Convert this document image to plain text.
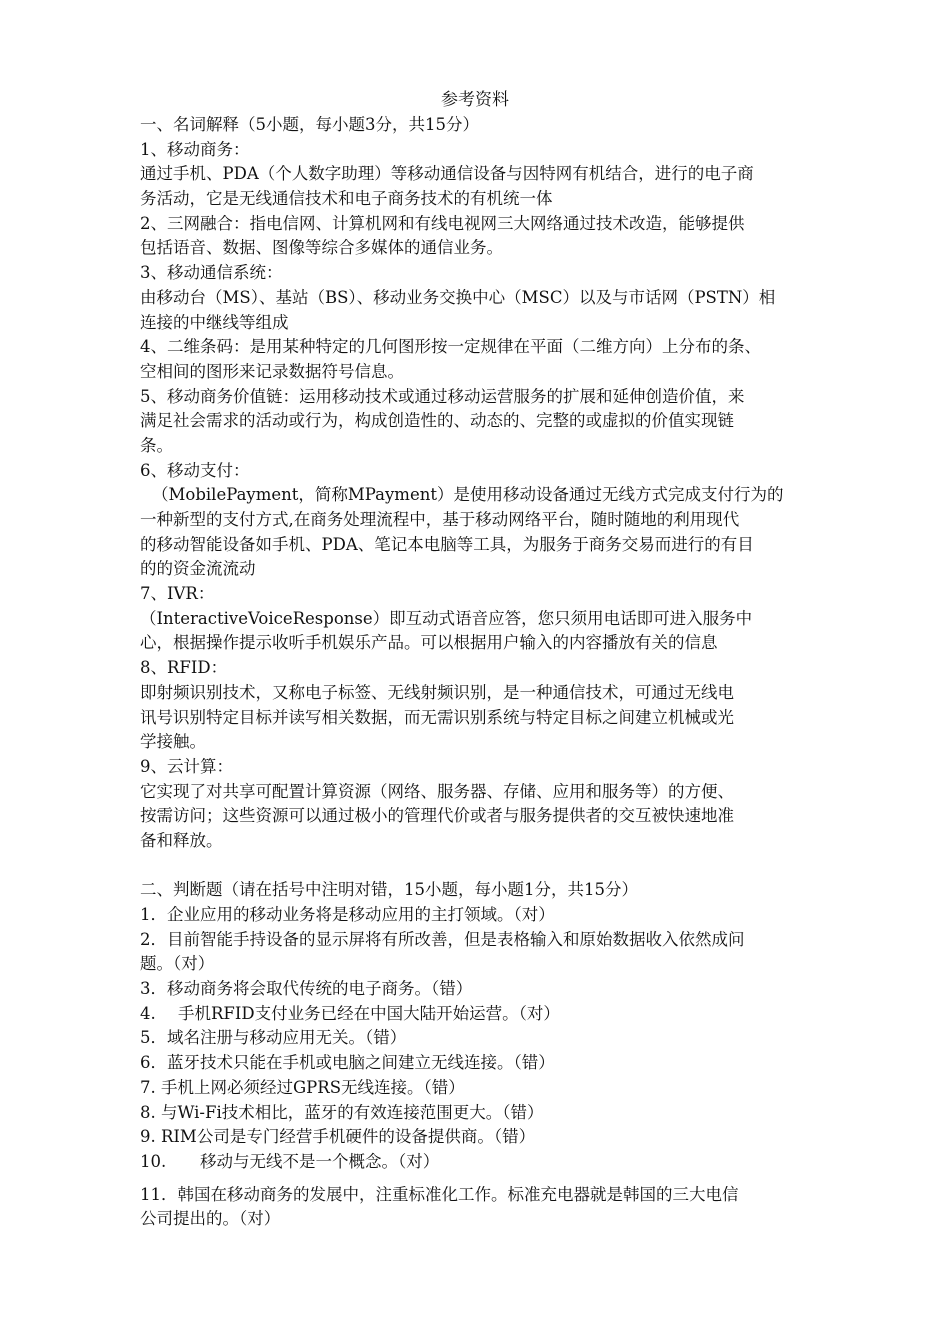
参考资料
一、名词解释（5小题，每小题3分，共15分）
1、移动商务：
通过手机、PDA（个人数字助理）等移动通信设备与因特网有机结合，进行的电子商
务活动，它是无线通信技术和电子商务技术的有机统一体
2、三网融合：指电信网、计算机网和有线电视网三大网络通过技术改造，能够提供
包括语音、数据、图像等综合多媒体的通信业务。
3、移动通信系统：
由移动台（MS）、基站（BS）、移动业务交换中心（MSC）以及与市话网（PSTN）相
连接的中继线等组成
4、二维条码：是用某种特定的几何图形按一定规律在平面（二维方向）上分布的条、
空相间的图形来记录数据符号信息。
5、移动商务价值链：运用移动技术或通过移动运营服务的扩展和延伸创造价值，来
满足社会需求的活动或行为，构成创造性的、动态的、完整的或虚拟的价值实现链
条。
6、移动支付：
（MobilePayment，简称MPayment）是使用移动设备通过无线方式完成支付行为的
一种新型的支付方式,在商务处理流程中，基于移动网络平台，随时随地的利用现代
的移动智能设备如手机、PDA、笔记本电脑等工具，为服务于商务交易而进行的有目
的的资金流流动
7、IVR：
（InteractiveVoiceResponse）即互动式语音应答，您只须用电话即可进入服务中
心，根据操作提示收听手机娱乐产品。可以根据用户输入的内容播放有关的信息
8、RFID：
即射频识别技术，又称电子标签、无线射频识别，是一种通信技术，可通过无线电
讯号识别特定目标并读写相关数据，而无需识别系统与特定目标之间建立机械或光
学接触。
9、云计算：
它实现了对共享可配置计算资源（网络、服务器、存储、应用和服务等）的方便、
按需访问；这些资源可以通过极小的管理代价或者与服务提供者的交互被快速地准
备和释放。
二、判断题（请在括号中注明对错，15小题，每小题1分，共15分）
1．企业应用的移动业务将是移动应用的主打领域。（对）
2．目前智能手持设备的显示屏将有所改善，但是表格输入和原始数据收入依然成问
题。（对）
3．移动商务将会取代传统的电子商务。（错）
4. 手机RFID支付业务已经在中国大陆开始运营。（对）
5．域名注册与移动应用无关。（错）
6．蓝牙技术只能在手机或电脑之间建立无线连接。（错）
7. 手机上网必须经过GPRS无线连接。（错）
8. 与Wi-Fi技术相比，蓝牙的有效连接范围更大。（错）
9. RIM公司是专门经营手机硬件的设备提供商。（错）
10. 移动与无线不是一个概念。（对）
11．韩国在移动商务的发展中，注重标准化工作。标准充电器就是韩国的三大电信
公司提出的。（对）
